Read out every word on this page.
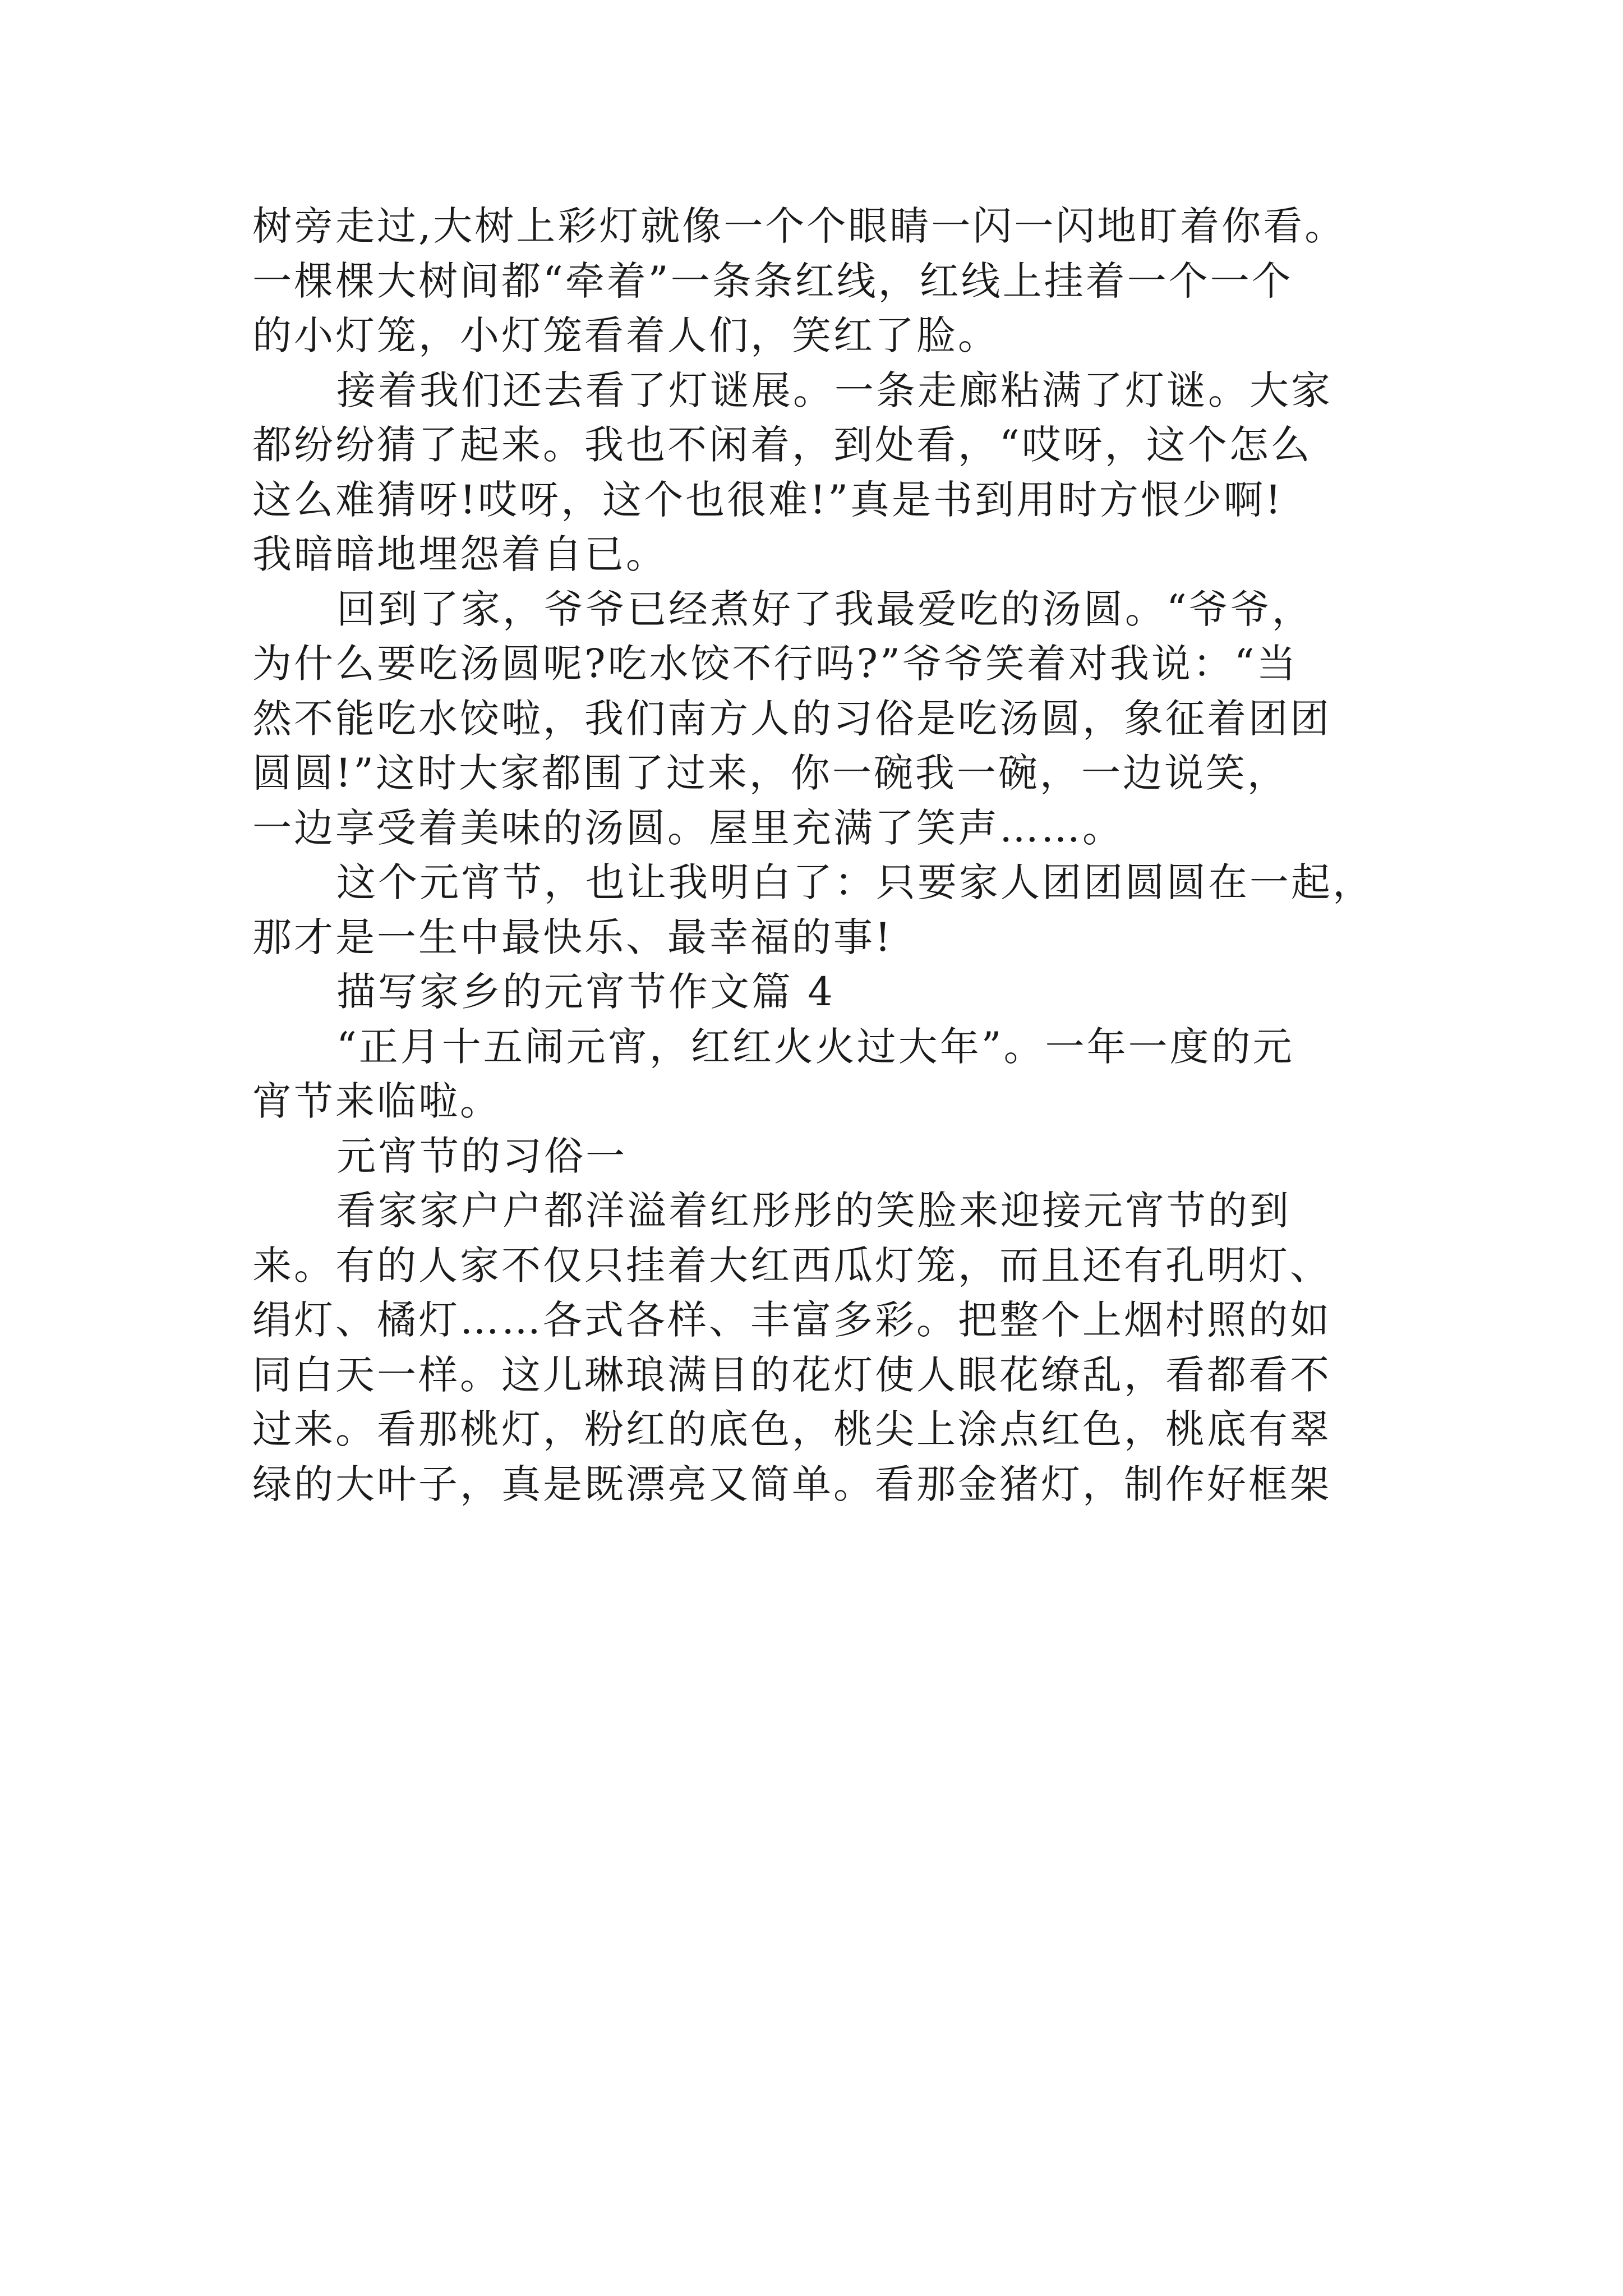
树旁走过,大树上彩灯就像一个个眼睛一闪一闪地盯着你看。
一棵棵大树间都“牵着”一条条红线，红线上挂着一个一个
的小灯笼，小灯笼看着人们，笑红了脸。
接着我们还去看了灯谜展。一条走廊粘满了灯谜。大家
都纷纷猜了起来。我也不闲着，到处看，“哎呀，这个怎么
这么难猜呀!哎呀，这个也很难!”真是书到用时方恨少啊!
我暗暗地埋怨着自已。
回到了家，爷爷已经煮好了我最爱吃的汤圆。“爷爷，
为什么要吃汤圆呢?吃水饺不行吗?”爷爷笑着对我说：“当
然不能吃水饺啦，我们南方人的习俗是吃汤圆，象征着团团
圆圆!”这时大家都围了过来，你一碗我一碗，一边说笑，
一边享受着美味的汤圆。屋里充满了笑声……。
这个元宵节，也让我明白了：只要家人团团圆圆在一起，
那才是一生中最快乐、最幸福的事!
描写家乡的元宵节作文篇 4
“正月十五闹元宵，红红火火过大年”。一年一度的元
宵节来临啦。
元宵节的习俗一
看家家户户都洋溢着红彤彤的笑脸来迎接元宵节的到
来。有的人家不仅只挂着大红西瓜灯笼，而且还有孔明灯、
绢灯、橘灯……各式各样、丰富多彩。把整个上烟村照的如
同白天一样。这儿琳琅满目的花灯使人眼花缭乱，看都看不
过来。看那桃灯，粉红的底色，桃尖上涂点红色，桃底有翠
绿的大叶子，真是既漂亮又简单。看那金猪灯，制作好框架
